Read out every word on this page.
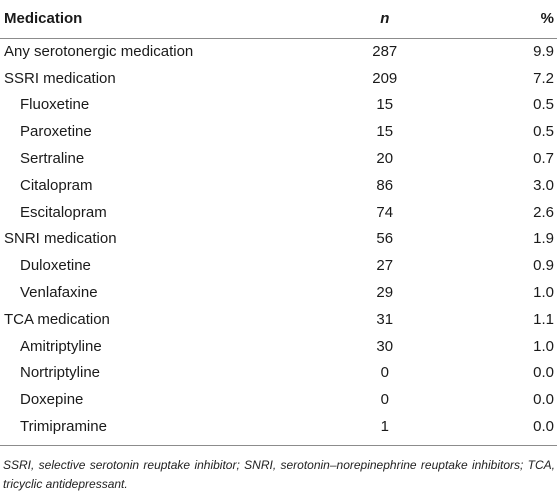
Medication	n	%
Any serotonergic medication	287	9.9
SSRI medication	209	7.2
Fluoxetine	15	0.5
Paroxetine	15	0.5
Sertraline	20	0.7
Citalopram	86	3.0
Escitalopram	74	2.6
SNRI medication	56	1.9
Duloxetine	27	0.9
Venlafaxine	29	1.0
TCA medication	31	1.1
Amitriptyline	30	1.0
Nortriptyline	0	0.0
Doxepine	0	0.0
Trimipramine	1	0.0
SSRI, selective serotonin reuptake inhibitor; SNRI, serotonin–norepinephrine reuptake inhibitors; TCA, tricyclic antidepressant.
